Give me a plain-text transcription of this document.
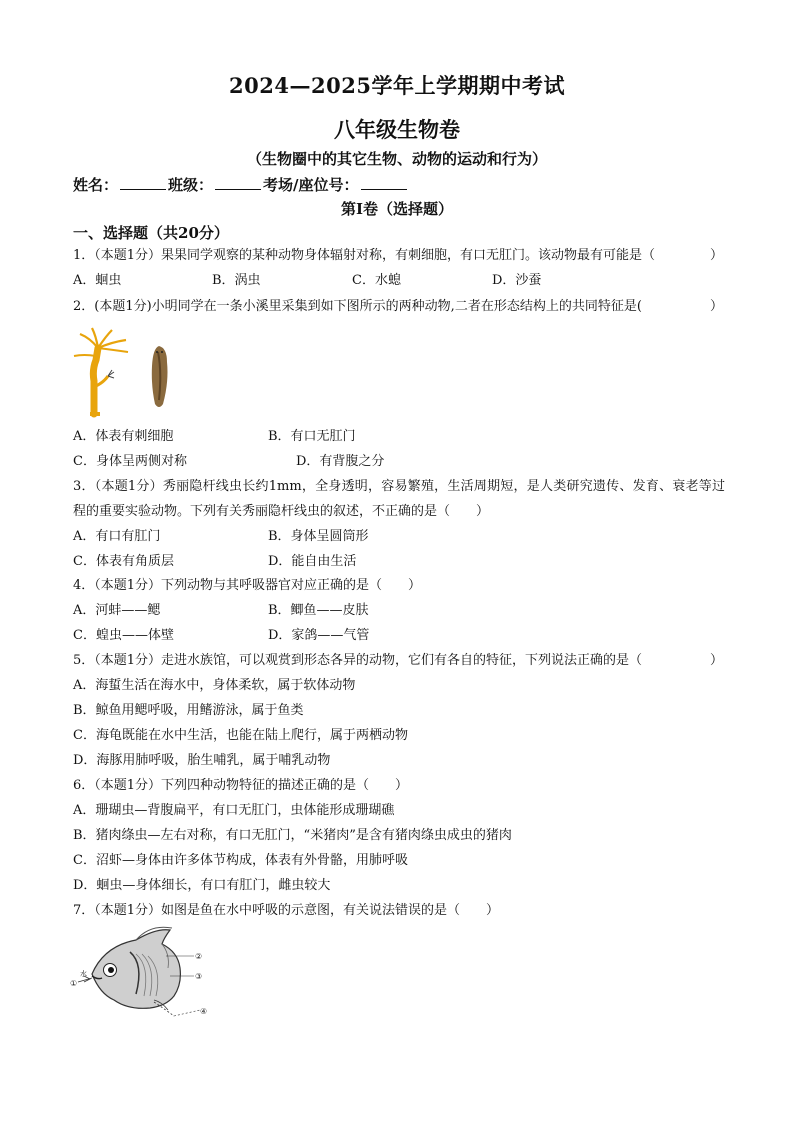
2024—2025学年上学期期中考试
八年级生物卷
（生物圈中的其它生物、动物的运动和行为）
姓名：	班级：	考场/座位号：
第Ⅰ卷（选择题）
一、选择题（共20分）
1．（本题1分）果果同学观察的某种动物身体辐射对称，有刺细胞，有口无肛门。该动物最有可能是（	）
A．蛔虫	B．涡虫	C．水螅	D．沙蚕
2．(本题1分)小明同学在一条小溪里采集到如下图所示的两种动物,二者在形态结构上的共同特征是(	）
A．体表有刺细胞	B．有口无肛门
C．身体呈两侧对称	D．有背腹之分
3．（本题1分）秀丽隐杆线虫长约1mm，全身透明，容易繁殖，生活周期短，是人类研究遗传、发育、衰老等过程的重要实验动物。下列有关秀丽隐杆线虫的叙述，不正确的是（　　）
A．有口有肛门	B．身体呈圆筒形
C．体表有角质层	D．能自由生活
4．（本题1分）下列动物与其呼吸器官对应正确的是（　　）
A．河蚌——鳃	B．鲫鱼——皮肤
C．蝗虫——体壁	D．家鸽——气管
5．（本题1分）走进水族馆，可以观赏到形态各异的动物，它们有各自的特征，下列说法正确的是（	）
A．海蜇生活在海水中，身体柔软，属于软体动物
B．鲸鱼用鳃呼吸，用鳍游泳，属于鱼类
C．海龟既能在水中生活，也能在陆上爬行，属于两栖动物
D．海豚用肺呼吸，胎生哺乳，属于哺乳动物
6．（本题1分）下列四种动物特征的描述正确的是（　　）
A．珊瑚虫—背腹扁平，有口无肛门，虫体能形成珊瑚礁
B．猪肉绦虫—左右对称，有口无肛门，“米猪肉”是含有猪肉绦虫成虫的猪肉
C．沼虾—身体由许多体节构成，体表有外骨骼，用肺呼吸
D．蛔虫—身体细长，有口有肛门，雌虫较大
7．（本题1分）如图是鱼在水中呼吸的示意图，有关说法错误的是（　　）
水
①
②
③
④
